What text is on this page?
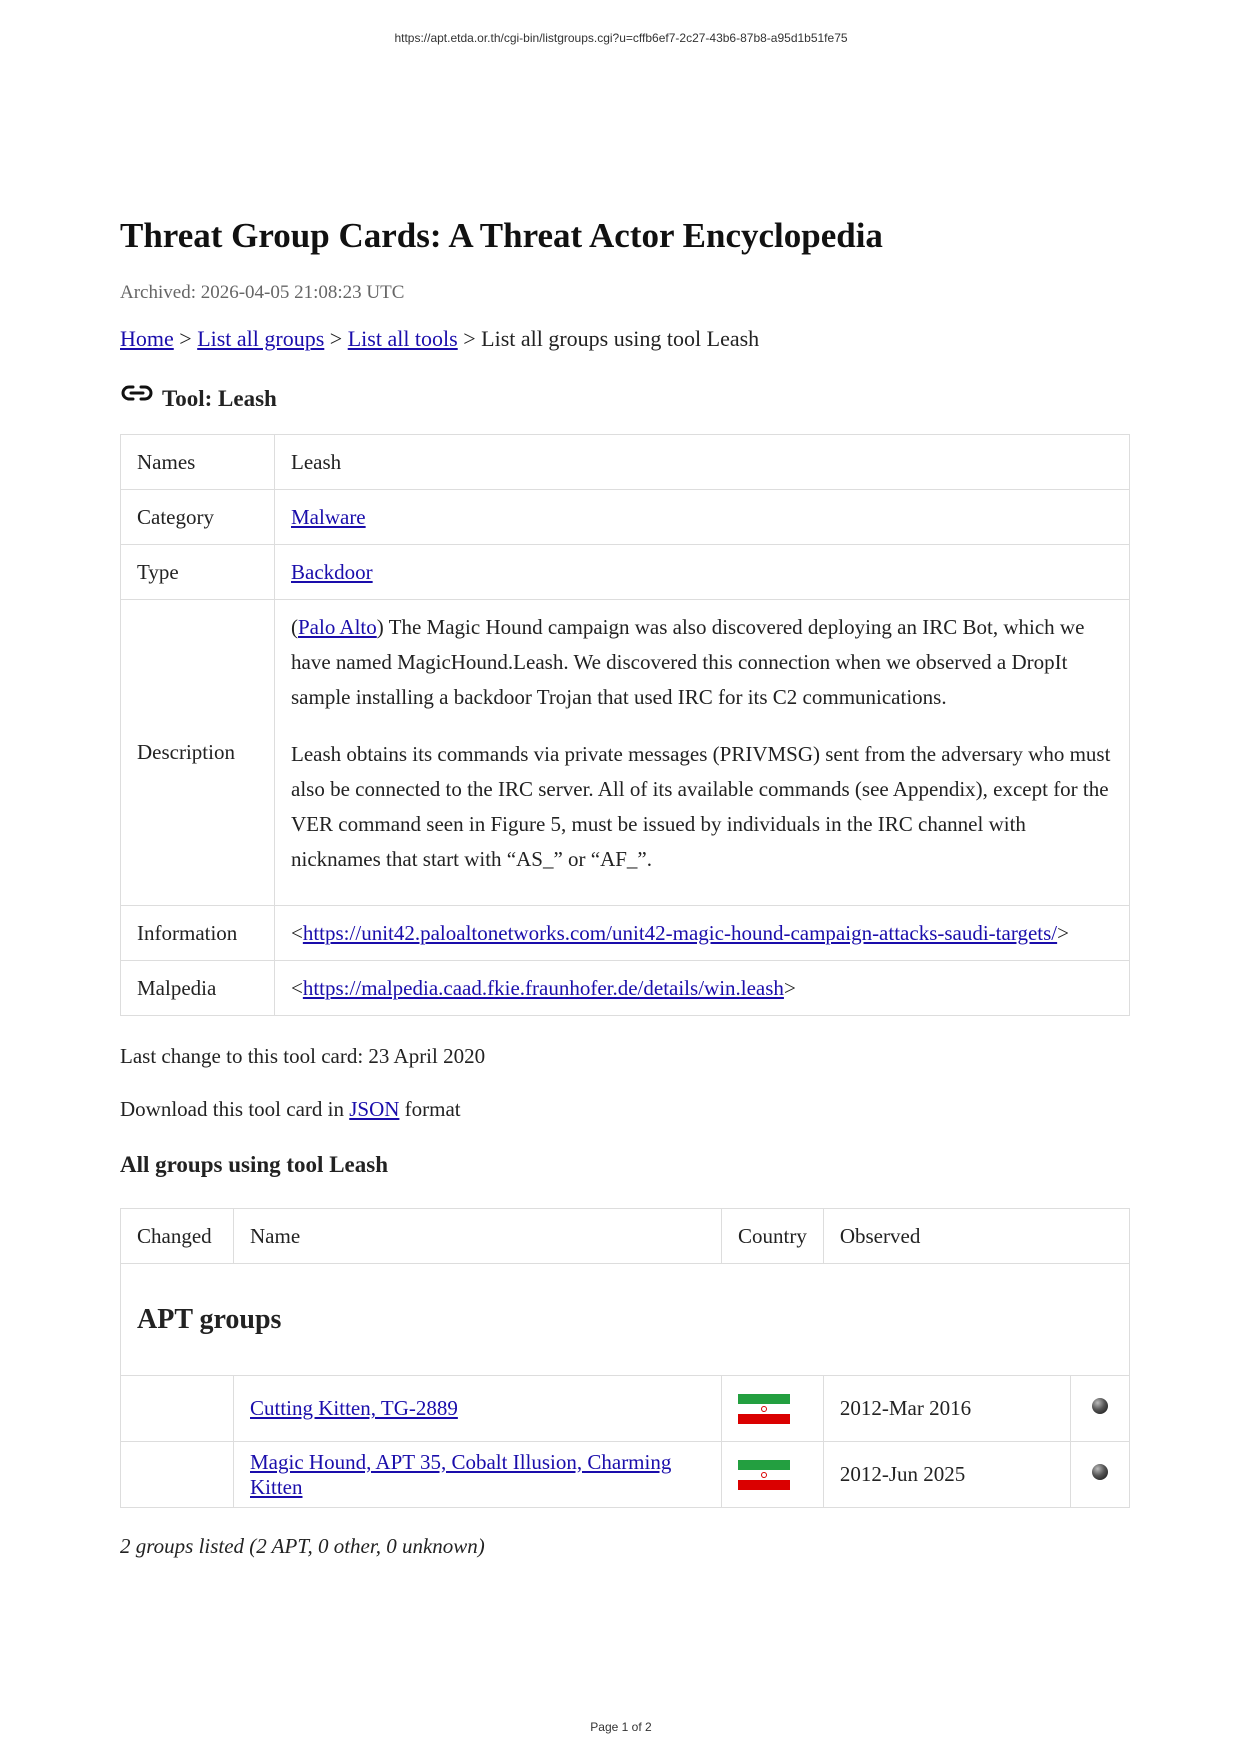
https://apt.etda.or.th/cgi-bin/listgroups.cgi?u=cffb6ef7-2c27-43b6-87b8-a95d1b51fe75
Threat Group Cards: A Threat Actor Encyclopedia
Archived: 2026-04-05 21:08:23 UTC
Home > List all groups > List all tools > List all groups using tool Leash
Tool: Leash
Names	Leash
Category	Malware
Type	Backdoor
Description	(Palo Alto) The Magic Hound campaign was also discovered deploying an IRC Bot, which we have named MagicHound.Leash. We discovered this connection when we observed a DropIt sample installing a backdoor Trojan that used IRC for its C2 communications.

Leash obtains its commands via private messages (PRIVMSG) sent from the adversary who must also be connected to the IRC server. All of its available commands (see Appendix), except for the VER command seen in Figure 5, must be issued by individuals in the IRC channel with nicknames that start with “AS_” or “AF_”.

Information	<https://unit42.paloaltonetworks.com/unit42-magic-hound-campaign-attacks-saudi-targets/>
Malpedia	<https://malpedia.caad.fkie.fraunhofer.de/details/win.leash>
Last change to this tool card: 23 April 2020
Download this tool card in JSON format
All groups using tool Leash
Changed	Name	Country	Observed	
APT groups				
	Cutting Kitten, TG-2889		2012-Mar 2016	
	Magic Hound, APT 35, Cobalt Illusion, Charming Kitten		2012-Jun 2025	
2 groups listed (2 APT, 0 other, 0 unknown)
Page 1 of 2
